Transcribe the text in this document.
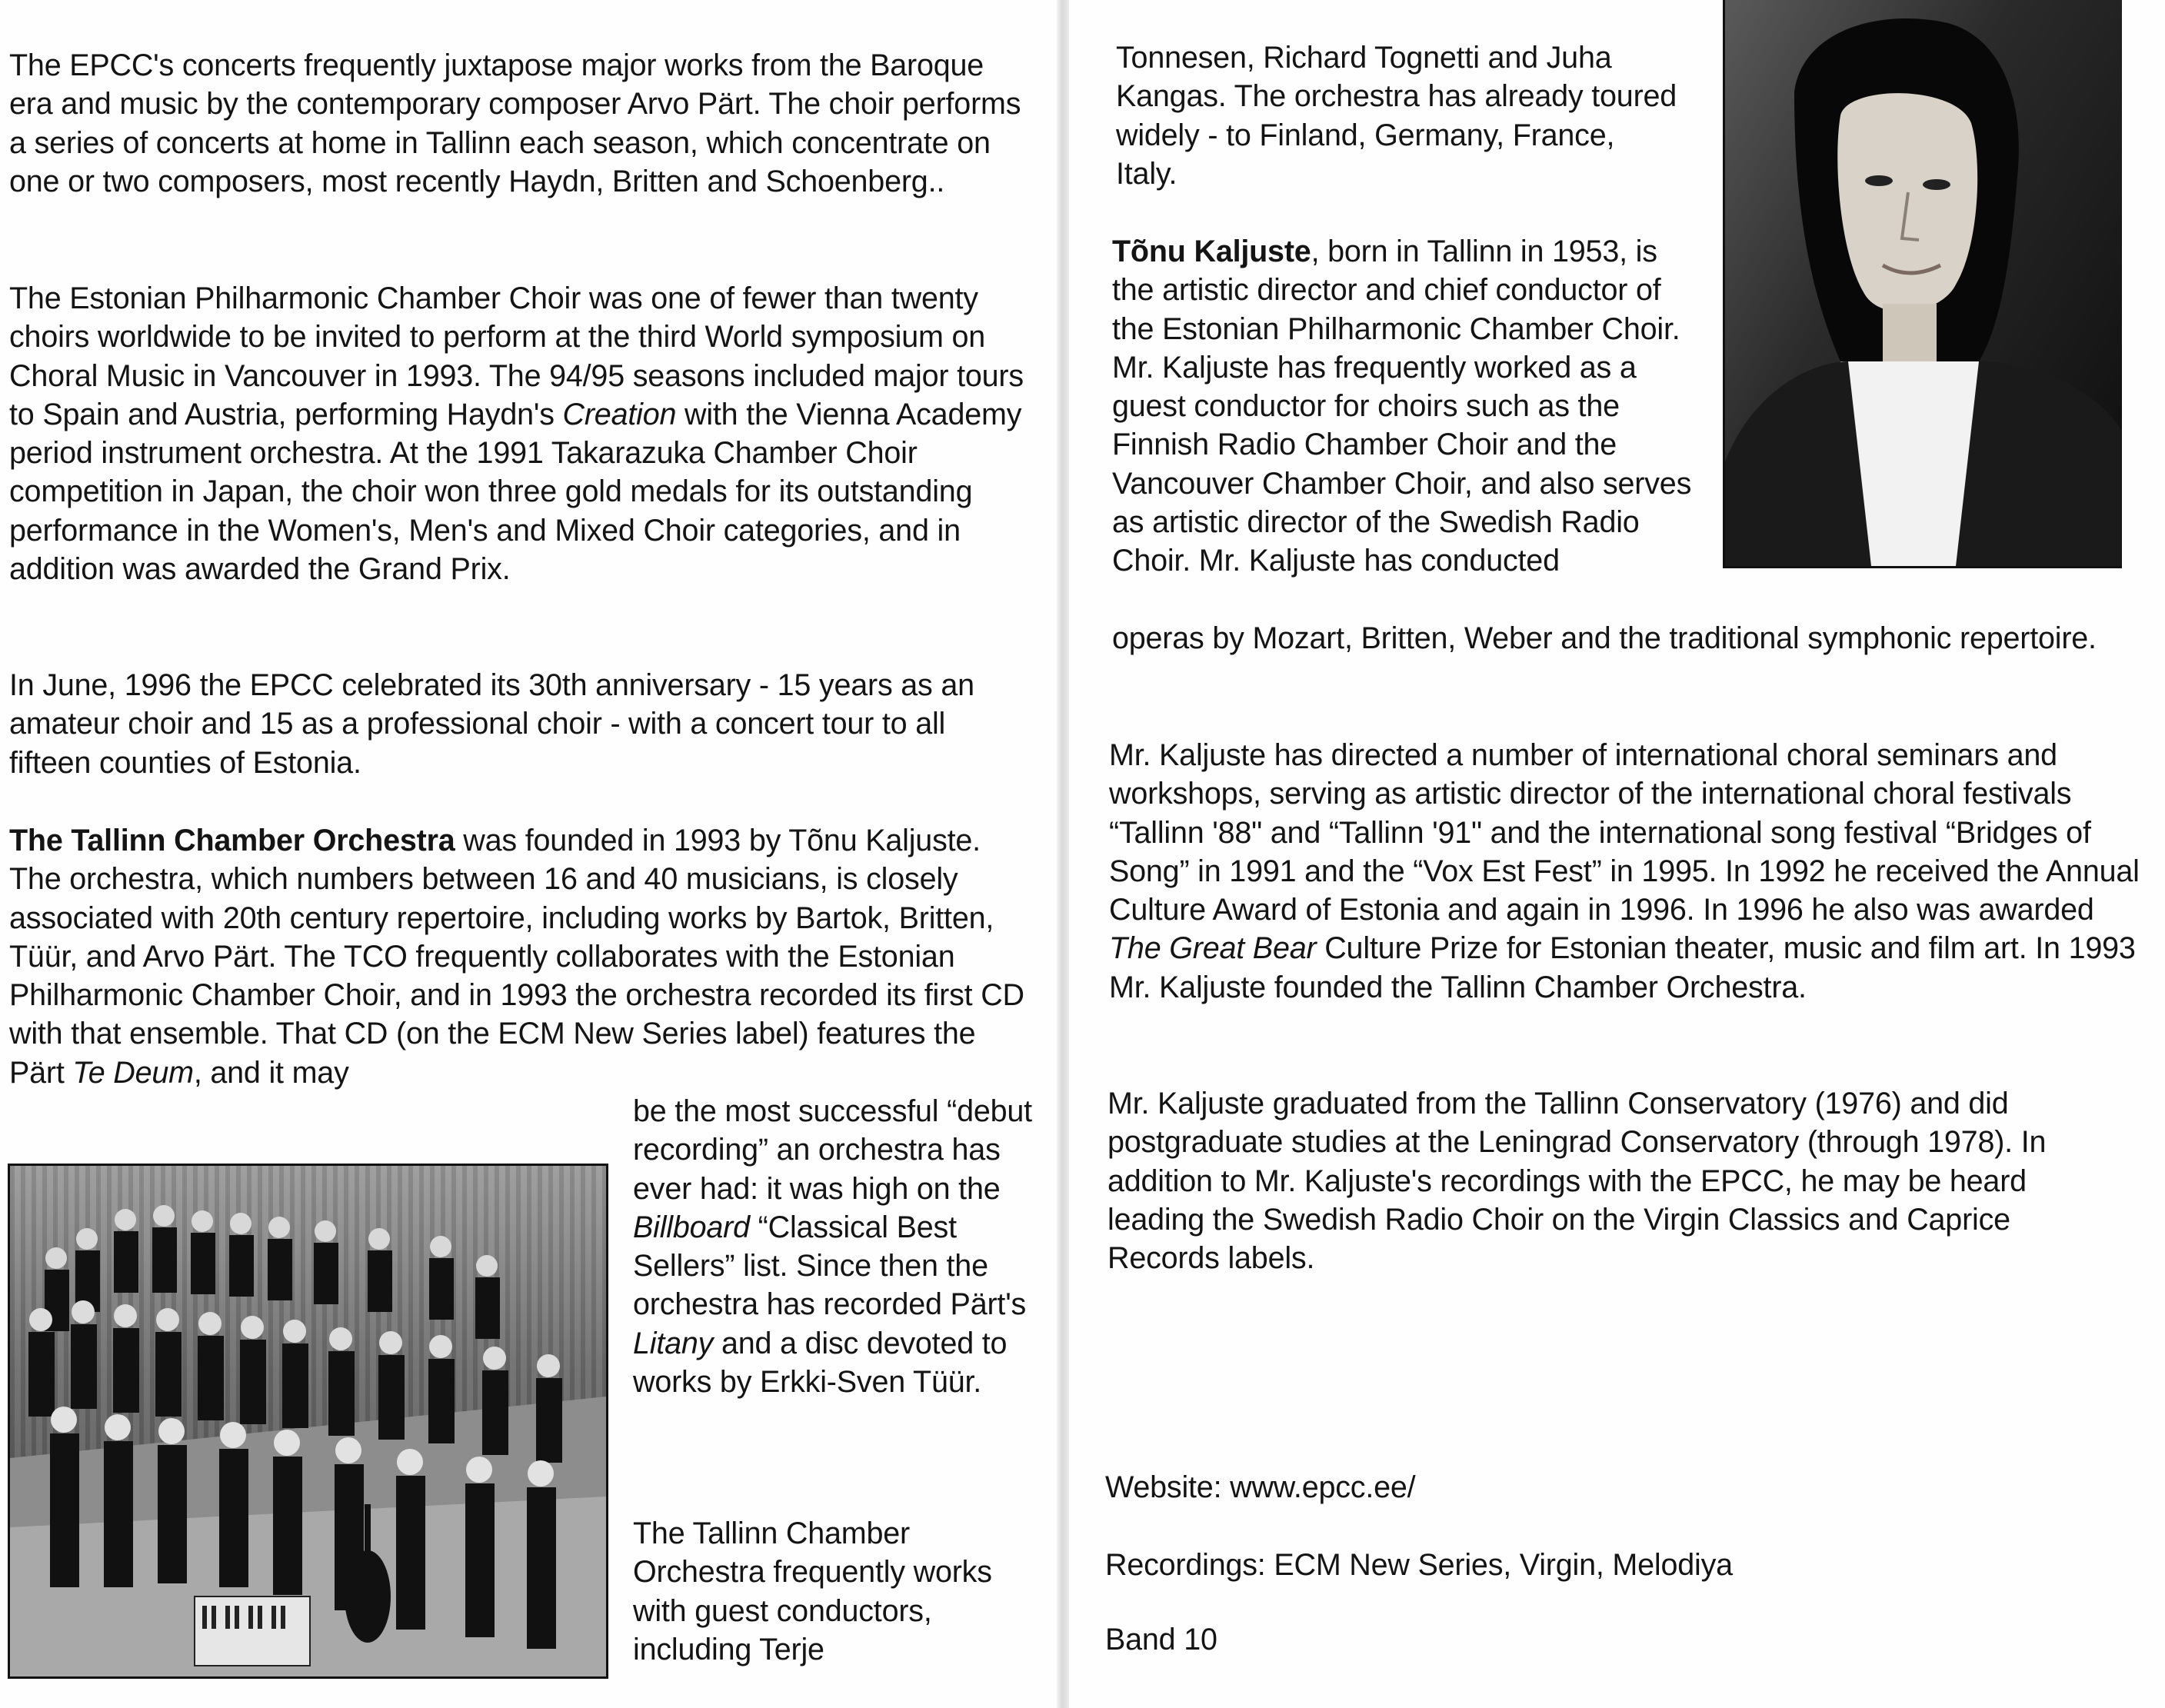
The EPCC's concerts frequently juxtapose major works from the Baroque era and music by the contemporary composer Arvo Pärt. The choir performs a series of concerts at home in Tallinn each season, which concentrate on one or two composers, most recently Haydn, Britten and Schoenberg..

The Estonian Philharmonic Chamber Choir was one of fewer than twenty choirs worldwide to be invited to perform at the third World symposium on Choral Music in Vancouver in 1993. The 94/95 seasons included major tours to Spain and Austria, performing Haydn's Creation with the Vienna Academy period instrument orchestra. At the 1991 Takarazuka Chamber Choir competition in Japan, the choir won three gold medals for its outstanding performance in the Women's, Men's and Mixed Choir categories, and in addition was awarded the Grand Prix.

In June, 1996 the EPCC celebrated its 30th anniversary - 15 years as an amateur choir and 15 as a professional choir - with a concert tour to all fifteen counties of Estonia.

The Tallinn Chamber Orchestra was founded in 1993 by Tõnu Kaljuste. The orchestra, which numbers between 16 and 40 musicians, is closely associated with 20th century repertoire, including works by Bartok, Britten, Tüür, and Arvo Pärt. The TCO frequently collaborates with the Estonian Philharmonic Chamber Choir, and in 1993 the orchestra recorded its first CD with that ensemble. That CD (on the ECM New Series label) features the Pärt Te Deum, and it may

be the most successful “debut recording” an orchestra has ever had: it was high on the Billboard “Classical Best Sellers” list. Since then the orchestra has recorded Pärt's Litany and a disc devoted to works by Erkki-Sven Tüür.

The Tallinn Chamber Orchestra frequently works with guest conductors, including Terje

Tonnesen, Richard Tognetti and Juha Kangas. The orchestra has already toured widely - to Finland, Germany, France, Italy.

Tõnu Kaljuste, born in Tallinn in 1953, is the artistic director and chief conductor of the Estonian Philharmonic Chamber Choir. Mr. Kaljuste has frequently worked as a guest conductor for choirs such as the Finnish Radio Chamber Choir and the Vancouver Chamber Choir, and also serves as artistic director of the Swedish Radio Choir. Mr. Kaljuste has conducted

operas by Mozart, Britten, Weber and the traditional symphonic repertoire.

Mr. Kaljuste has directed a number of international choral seminars and workshops, serving as artistic director of the international choral festivals “Tallinn '88" and “Tallinn '91" and the international song festival “Bridges of Song” in 1991 and the “Vox Est Fest” in 1995. In 1992 he received the Annual Culture Award of Estonia and again in 1996. In 1996 he also was awarded The Great Bear Culture Prize for Estonian theater, music and film art. In 1993 Mr. Kaljuste founded the Tallinn Chamber Orchestra.

Mr. Kaljuste graduated from the Tallinn Conservatory (1976) and did postgraduate studies at the Leningrad Conservatory (through 1978). In addition to Mr. Kaljuste's recordings with the EPCC, he may be heard leading the Swedish Radio Choir on the Virgin Classics and Caprice Records labels.

Website: www.epcc.ee/

Recordings: ECM New Series, Virgin, Melodiya

Band 10
